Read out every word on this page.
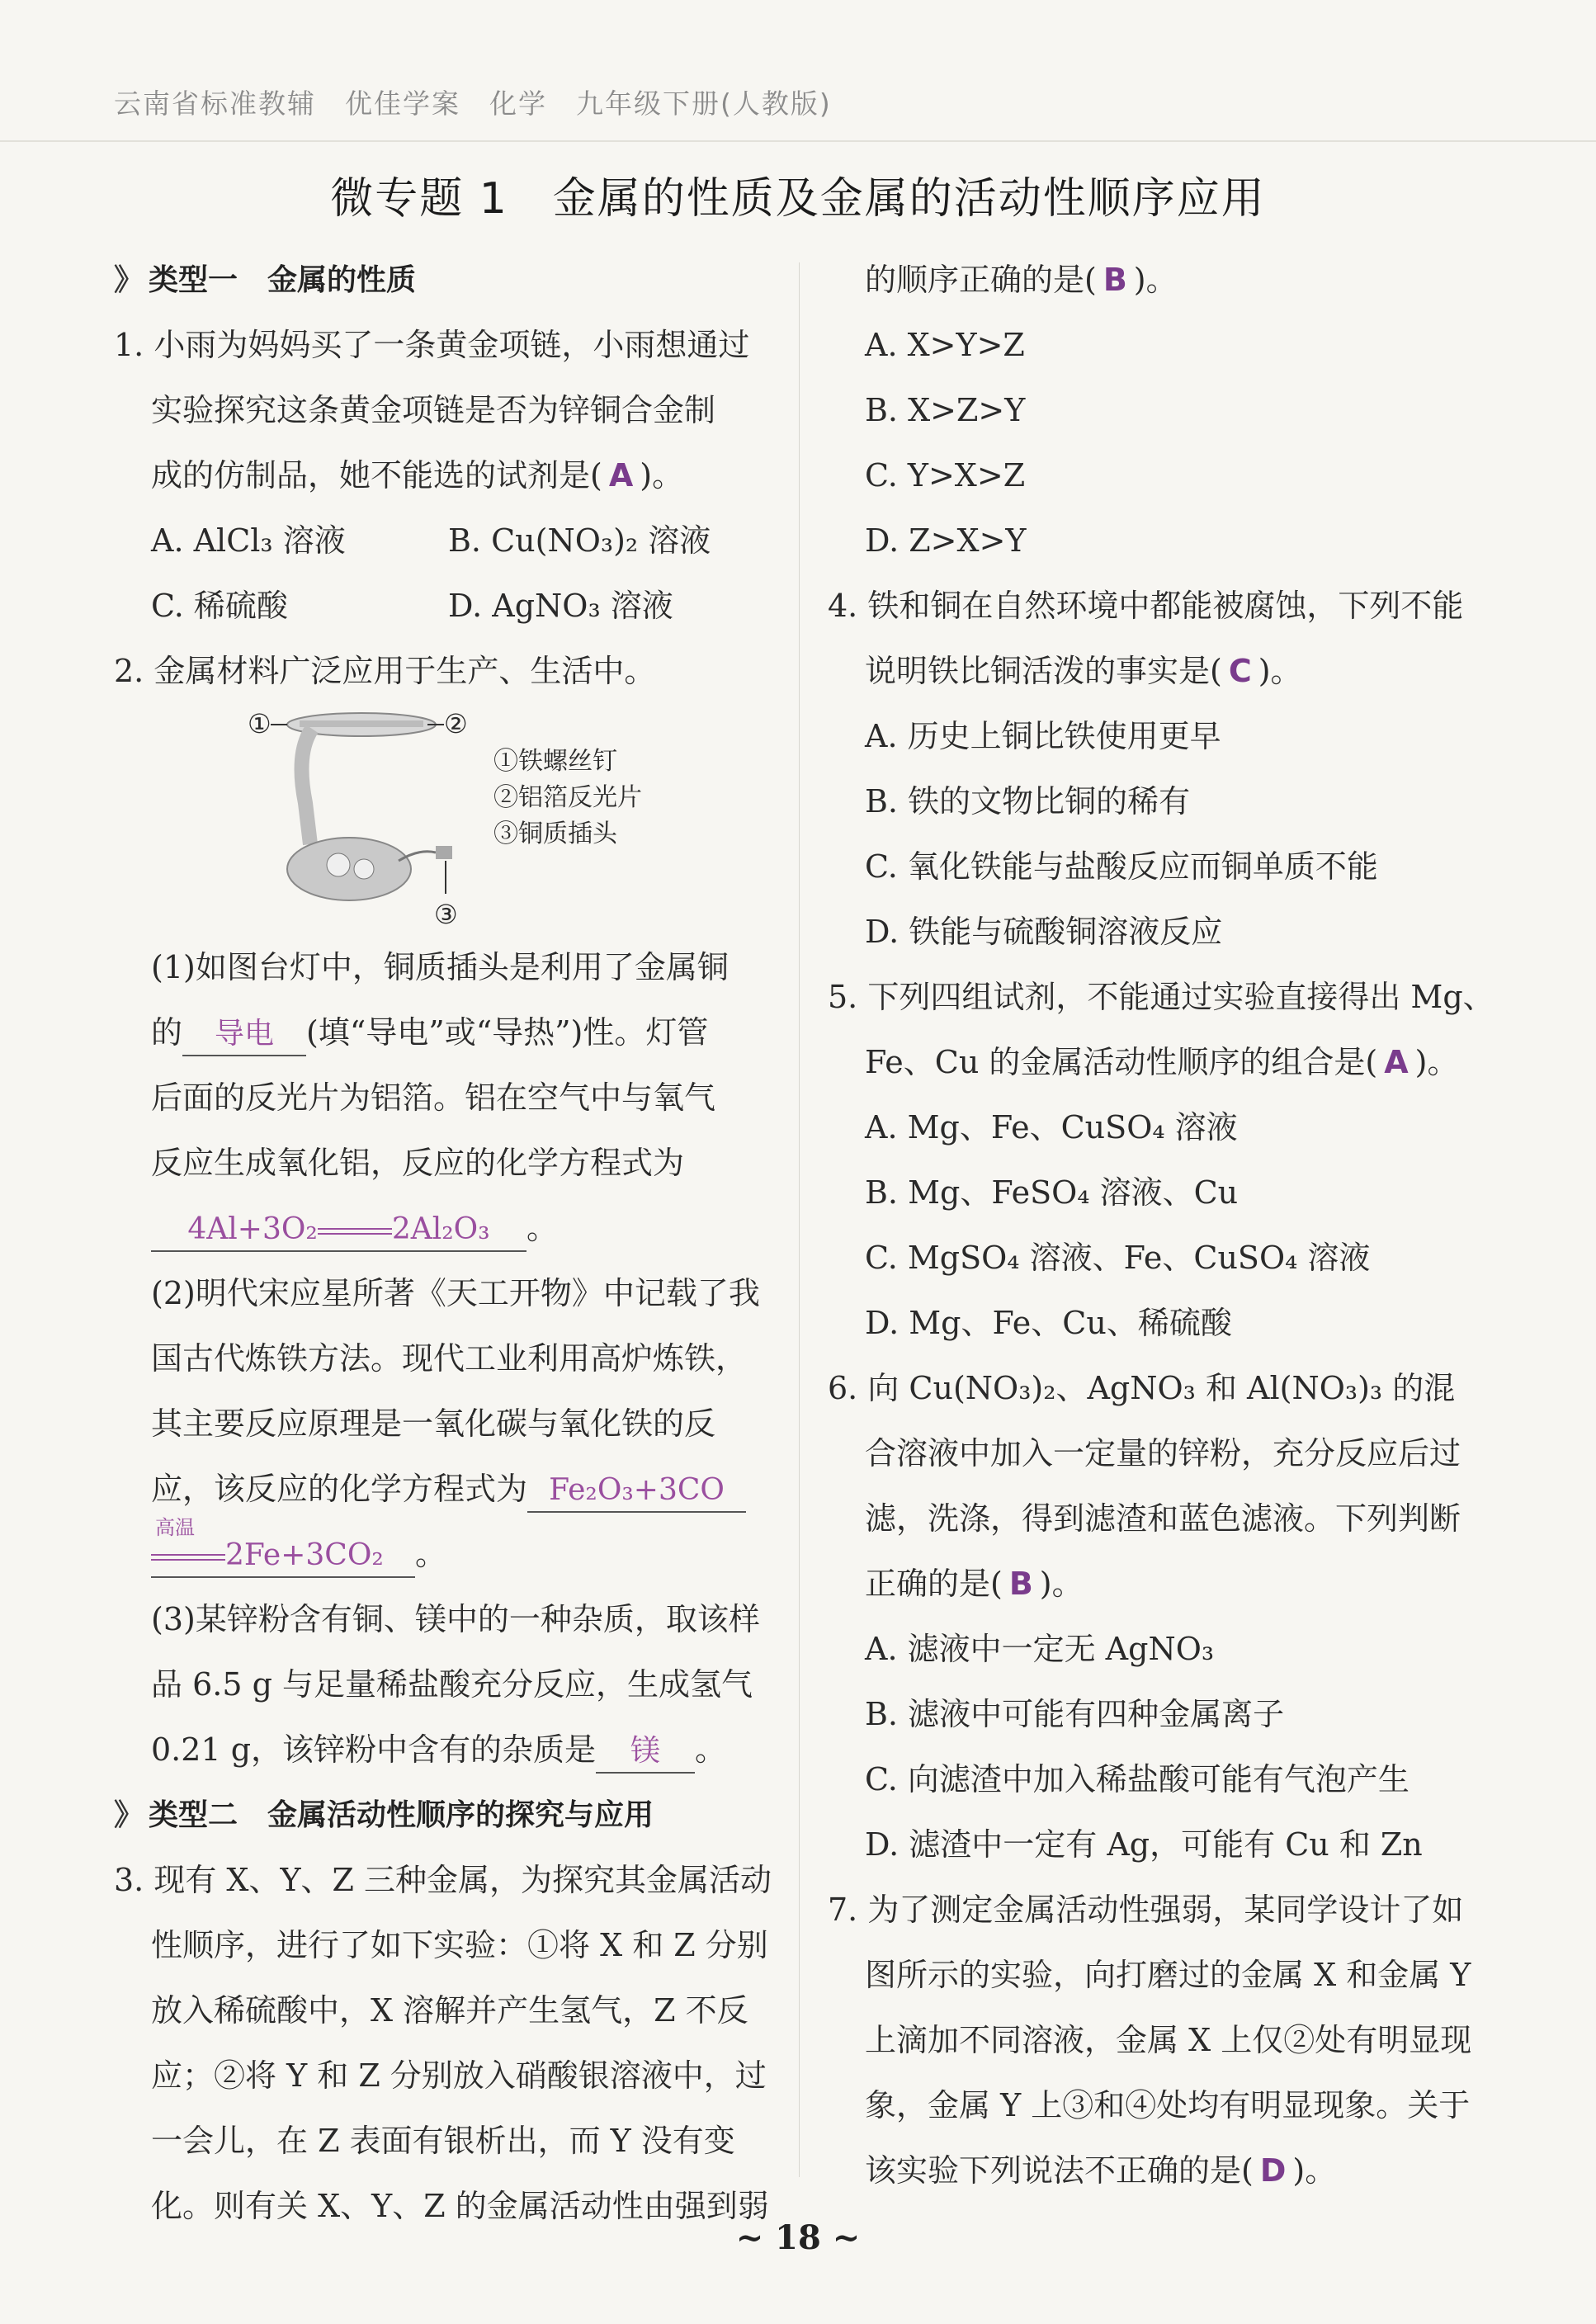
云南省标准教辅　优佳学案　化学　九年级下册(人教版)
微专题 1　金属的性质及金属的活动性顺序应用
》 类型一　金属的性质
1. 小雨为妈妈买了一条黄金项链，小雨想通过
实验探究这条黄金项链是否为锌铜合金制
成的仿制品，她不能选的试剂是( A )。
A. AlCl₃ 溶液	B. Cu(NO₃)₂ 溶液
C. 稀硫酸	D. AgNO₃ 溶液
2. 金属材料广泛应用于生产、生活中。
①	②
③
①铁螺丝钉
②铝箔反光片
③铜质插头
(1)如图台灯中，铜质插头是利用了金属铜
的 导电 (填“导电”或“导热”)性。灯管
后面的反光片为铝箔。铝在空气中与氧气
反应生成氧化铝，反应的化学方程式为
4Al+3O₂	2Al₂O₃ 。
(2)明代宋应星所著《天工开物》中记载了我
国古代炼铁方法。现代工业利用高炉炼铁，
其主要反应原理是一氧化碳与氧化铁的反
应，该反应的化学方程式为 Fe₂O₃+3CO
高温
2Fe+3CO₂ 。
(3)某锌粉含有铜、镁中的一种杂质，取该样
品 6.5 g 与足量稀盐酸充分反应，生成氢气
0.21 g，该锌粉中含有的杂质是 镁 。
》 类型二　金属活动性顺序的探究与应用
3. 现有 X、Y、Z 三种金属，为探究其金属活动
性顺序，进行了如下实验：①将 X 和 Z 分别
放入稀硫酸中，X 溶解并产生氢气，Z 不反
应；②将 Y 和 Z 分别放入硝酸银溶液中，过
一会儿，在 Z 表面有银析出，而 Y 没有变
化。则有关 X、Y、Z 的金属活动性由强到弱
的顺序正确的是( B )。
A. X>Y>Z
B. X>Z>Y
C. Y>X>Z
D. Z>X>Y
4. 铁和铜在自然环境中都能被腐蚀，下列不能
说明铁比铜活泼的事实是( C )。
A. 历史上铜比铁使用更早
B. 铁的文物比铜的稀有
C. 氧化铁能与盐酸反应而铜单质不能
D. 铁能与硫酸铜溶液反应
5. 下列四组试剂，不能通过实验直接得出 Mg、
Fe、Cu 的金属活动性顺序的组合是( A )。
A. Mg、Fe、CuSO₄ 溶液
B. Mg、FeSO₄ 溶液、Cu
C. MgSO₄ 溶液、Fe、CuSO₄ 溶液
D. Mg、Fe、Cu、稀硫酸
6. 向 Cu(NO₃)₂、AgNO₃ 和 Al(NO₃)₃ 的混
合溶液中加入一定量的锌粉，充分反应后过
滤，洗涤，得到滤渣和蓝色滤液。下列判断
正确的是( B )。
A. 滤液中一定无 AgNO₃
B. 滤液中可能有四种金属离子
C. 向滤渣中加入稀盐酸可能有气泡产生
D. 滤渣中一定有 Ag，可能有 Cu 和 Zn
7. 为了测定金属活动性强弱，某同学设计了如
图所示的实验，向打磨过的金属 X 和金属 Y
上滴加不同溶液，金属 X 上仅②处有明显现
象，金属 Y 上③和④处均有明显现象。关于
该实验下列说法不正确的是( D )。
~ 18 ~
